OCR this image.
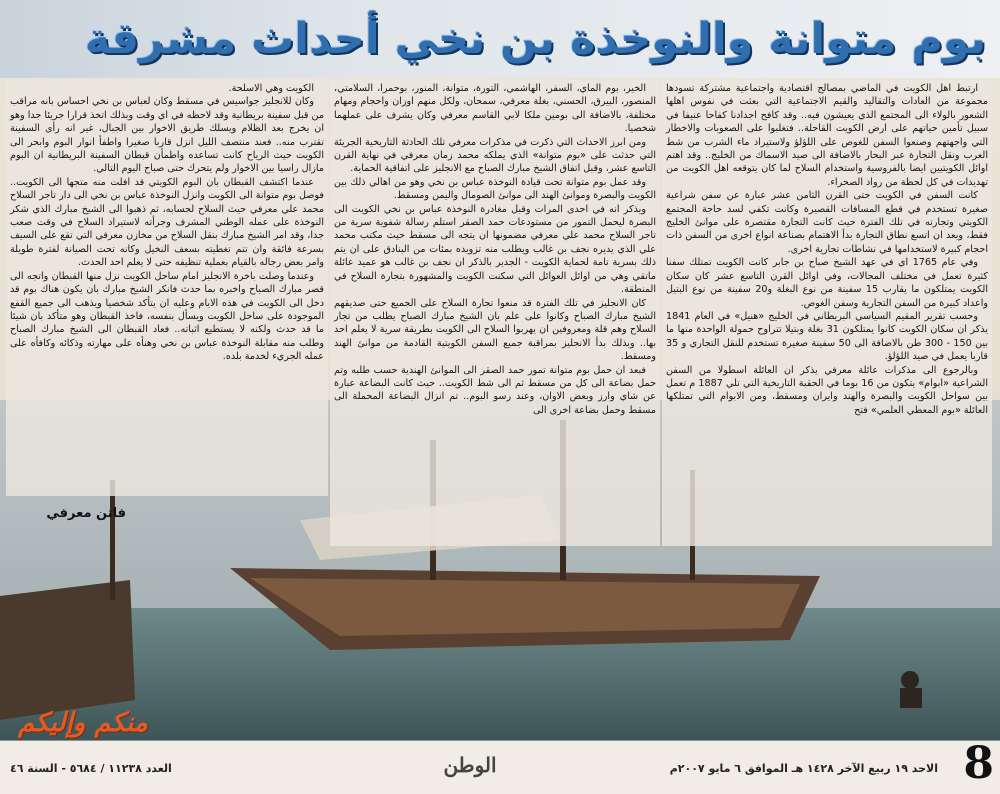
بوم متوانة والنوخذة بن نخي أحداث مشرقة

ارتبط اهل الكويت في الماضي بمصالح اقتصادية واجتماعية مشتركة تسودها مجموعة من العادات والتقاليد والقيم الاجتماعية التي بعثت في نفوس اهلها الشعور بالولاء الى المجتمع الذي يعيشون فيه.. وقد كافح اجدادنا كفاحا عنيفا في سبيل تأمين حياتهم على ارض الكويت القاحلة.. فتغلبوا على الصعوبات والاخطار التي واجهتهم وصنعوا السفن للغوص على اللؤلؤ ولاستيراد ماء الشرب من شط العرب ونقل التجارة عبر البحار بالاضافة الى صيد الاسماك من الخليج.. وقد اهتم اوائل الكويتيين ايضا بالفروسية واستخدام السلاح لما كان يتوقعه اهل الكويت من تهديدات في كل لحظة من رواد الصحراء.

كانت السفن في الكويت حتى القرن الثامن عشر عبارة عن سفن شراعية صغيرة تستخدم في قطع المسافات القصيرة وكانت تكفي لسد حاجة المجتمع الكويتي وتجارته في تلك الفترة حيث كانت التجارة مقتصرة على موانئ الخليج فقط، وبعد ان اتسع نطاق التجارة بدأ الاهتمام بصناعة انواع اخرى من السفن ذات احجام كبيرة لاستخدامها في نشاطات تجارية اخرى.

وفي عام 1765 اي في عهد الشيخ صباح بن جابر كانت الكويت تمتلك سفنا كثيرة تعمل في مختلف المجالات، وفي اوائل القرن التاسع عشر كان سكان الكويت يمتلكون ما يقارب 15 سفينة من نوع البغلة و20 سفينة من نوع البتيل واعداد كبيرة من السفن التجارية وسفن الغوص.

وحسب تقرير المقيم السياسي البريطاني في الخليج «هنيل» في العام 1841 يذكر ان سكان الكويت كانوا يمتلكون 31 بغلة وبتيلا تتراوح حمولة الواحدة منها ما بين 150 - 300 طن بالاضافة الى 50 سفينة صغيرة تستخدم للنقل التجاري و 35 قاربا يعمل في صيد اللؤلؤ.

وبالرجوع الى مذكرات عائلة معرفي يذكر ان العائلة اسطولا من السفن الشراعية «ابوام» يتكون من 16 بوما في الحقبة التاريخية التي تلي 1887 م تعمل بين سواحل الكويت والبصرة والهند وايران ومسقط، ومن الابوام التي تمتلكها العائلة «بوم المعطي العلمي» فتح

الخير، بوم الماي، السفر، الهاشمي، التورة، متوانة، المنور، بوحمرا، السلامتي، المنصور، البيرق، الحسني، بغلة معرفي، سمحان، ولكل منهم اوزان واحجام ومهام مختلفة، بالاضافة الى بومين ملكا لابي القاسم معرفي وكان يشرف على عملهما شخصيا.

ومن ابرز الاحداث التي ذكرت في مذكرات معرفي تلك الحادثة التاريخية الجريئة التي حدثت على «بوم متوانة» الذي يملكه محمد زمان معرفي في نهاية القرن التاسع عشر، وقبل اتفاق الشيخ مبارك الصباح مع الانجليز على اتفاقية الحماية.

وقد عمل بوم متوانة تحت قيادة النوخذة عباس بن نخي وهو من اهالي ذلك بين الكويت والبصرة وموانئ الهند الى موانئ الصومال واليمن ومسقط.

ويذكر انه في احدى المرات وقبل مغادرة النوخذة عباس بن نخي الكويت الى البصرة ليحمل التمور من مستودعات حمد الصقر استلم رسالة شفوية سرية من تاجر السلاح محمد علي معرفي مضمونها ان يتجه الى مسقط حيث مكتب محمد علي الذي يديره نجف بن غالب ويطلب منه تزويده بمئات من البنادق على ان يتم ذلك بسرية تامة لحماية الكويت - الجدير بالذكر ان نجف بن غالب هو عميد عائلة ماتقي وهي من اوائل العوائل التي سكنت الكويت والمشهورة بتجارة السلاح في المنطقة.

كان الانجليز في تلك الفترة قد منعوا تجارة السلاح على الجميع حتى صديقهم الشيخ مبارك الصباح وكانوا على علم بان الشيخ مبارك الصباح يطلب من تجار السلاح وهم قلة ومعروفين ان يهربوا السلاح الى الكويت بطريقة سرية لا يعلم احد بها.. وبذلك بدأ الانجليز بمراقبة جميع السفن الكويتية القادمة من موانئ الهند ومسقط.

فبعد ان حمل بوم متوانة تمور حمد الصقر الى الموانئ الهندية حسب طلبه وتم حمل بضاعة الى كل من مسقط ثم الى شط الكويت.. حيث كانت البضاعة عبارة عن شاي وارز وبعض الاوان، وعند رسو البوم.. تم انزال البضاعة المحملة الى مسقط وحمل بضاعة اخرى الى

الكويت وهي الاسلحة.

وكان للانجليز جواسيس في مسقط وكان لعباس بن نخي احساس بانه مراقب من قبل سفينة بريطانية وقد لاحظه في اي وقت وبذلك اتخذ قرارا جريئا جدا وهو ان يخرج بعد الظلام ويسلك طريق الاخوار بين الجبال، غير انه رأى السفينة تقترب منه.. فعند منتصف الليل انزل قاربا صغيرا واطفأ انوار البوم وابحر الى الكويت حيث الرياح كانت تساعده واطمأن قبطان السفينة البريطانية ان البوم مازال راسيا بين الاخوار ولم يتحرك حتى صباح اليوم التالي.

عندما اكتشف القبطان بان البوم الكويتي قد افلت منه متجها الى الكويت.. فوصل بوم متوانة الى الكويت وانزل النوخذة عباس بن نخي الى دار تاجر السلاح محمد علي معرفي حيث السلاح لحسابه، ثم ذهبوا الى الشيخ مبارك الذي شكر النوخذة على عمله الوطني المشرف وجرأته لاستيراد السلاح في وقت صعب جدا، وقد امر الشيخ مبارك بنقل السلاح من مخازن معرفي التي تقع على السيف بسرعة فائقة وان تتم تغطيته بسعف النخيل وكانه تحت الصيانة لفترة طويلة وامر بعض رجاله بالقيام بعملية تنظيفه حتى لا يعلم احد الحدث.

وعندما وصلت باخرة الانجليز امام ساحل الكويت نزل منها القبطان واتجه الى قصر مبارك الصباح واخبره بما حدث فانكر الشيخ مبارك بان يكون هناك بوم قد دخل الى الكويت في هذه الايام وعليه ان يتأكد شخصيا ويذهب الى جميع القفع الموجودة على ساحل الكويت ويسأل بنفسه، فاخذ القبطان وهو متأكد بان شيئا ما قد حدث ولكنه لا يستطيع اثباته.. فعاد القبطان الى الشيخ مبارك الصباح وطلب منه مقابلة النوخذة عباس بن نخي وهنأه على مهارته وذكائه وكافأه على عمله الجريء لخدمة بلده.

فاتن معرفي
منكم وإليكم
8
الاحد ١٩ ربيع الآخر ١٤٢٨ هـ الموافق ٦ مايو ٢٠٠٧م
الوطن
العدد ١١٢٣٨ / ٥٦٨٤ - السنة ٤٦
